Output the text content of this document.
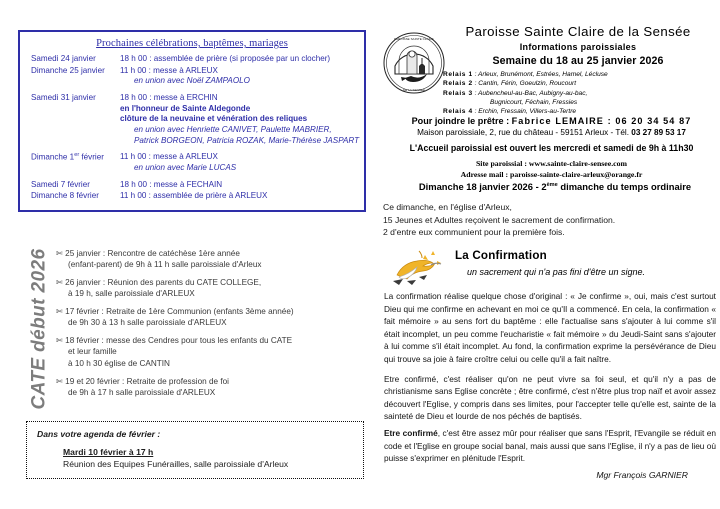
Prochaines célébrations, baptêmes, mariages
Samedi 24 janvier	18 h 00 : assemblée de prière (si proposée par un clocher)
Dimanche 25 janvier	11 h 00 : messe à ARLEUX
en union avec Noël ZAMPAOLO
Samedi 31 janvier	18 h 00 : messe à ERCHIN
en l'honneur de Sainte Aldegonde
clôture de la neuvaine et vénération des reliques
en union avec Henriette CANIVET, Paulette MABRIER,
Patrick BORGEON, Patricia ROZAK, Marie-Thérèse JASPART
Dimanche 1er février	11 h 00 : messe à ARLEUX
en union avec Marie LUCAS
Samedi 7 février	18 h 00 : messe à FECHAIN
Dimanche 8 février	11 h 00 : assemblée de prière à ARLEUX
CATE début 2026 ✄ 25 janvier : Rencontre de catéchèse 1ère année
(enfant-parent) de 9h à 11 h salle paroissiale d'Arleux
✄ 26 janvier : Réunion des parents du CATE COLLEGE,
à 19 h, salle paroissiale d'ARLEUX
✄ 17 février : Retraite de 1ère Communion (enfants 3ème année)
de 9h 30 à 13 h salle paroissiale d'ARLEUX
✄ 18 février : messe des Cendres pour tous les enfants du CATE
et leur famille
à 10 h 30 église de CANTIN
✄ 19 et 20 février : Retraite de profession de foi
de 9h à 17 h salle paroissiale d'ARLEUX
Dans votre agenda de février :
Mardi 10 février à 17 h
Réunion des Equipes Funérailles, salle paroissiale d'Arleux
PAROISSE SAINTE CLAIRE
DE LA SENSEE
Paroisse Sainte Claire de la Sensée
Informations paroissiales
Semaine du 18 au 25 janvier 2026
Relais 1 : Arleux, Brunémont, Estrées, Hamel, Lécluse
Relais 2 : Cantin, Férin, Goeulzin, Roucourt
Relais 3 : Aubencheul-au-Bac, Aubigny-au-bac,
Bugnicourt, Féchain, Fressies
Relais 4 : Erchin, Fressain, Villers-au-Tertre
Pour joindre le prêtre : Fabrice LEMAIRE : 06 20 34 54 87
Maison paroissiale, 2, rue du château - 59151 Arleux - Tél. 03 27 89 53 17
L'Accueil paroissial est ouvert les mercredi et samedi de 9h à 11h30
Site paroissial : www.sainte-claire-sensee.com
Adresse mail : paroisse-sainte-claire-arleux@orange.fr
Dimanche 18 janvier 2026 - 2ème dimanche du temps ordinaire
Ce dimanche, en l'église d'Arleux,
15 Jeunes et Adultes reçoivent le sacrement de confirmation.
2 d'entre eux communient pour la première fois.
La Confirmation
un sacrement qui n'a pas fini d'être un signe.

La confirmation réalise quelque chose d'original : « Je confirme », oui, mais c'est surtout Dieu qui me confirme en achevant en moi ce qu'Il a commencé. En cela, la confirmation « fait mémoire » au sens fort du baptême : elle l'actualise sans s'ajouter à lui comme s'il était incomplet, un peu comme l'eucharistie « fait mémoire » du Jeudi-Saint sans s'ajouter à lui comme s'il était incomplet. Au fond, la confirmation exprime la persévérance de Dieu qui trouve sa joie à faire croître celui ou celle qu'il a fait naître.

Etre confirmé, c'est réaliser qu'on ne peut vivre sa foi seul, et qu'il n'y a pas de christianisme sans Eglise concrète ; être confirmé, c'est n'être plus trop naïf et avoir assez découvert l'Eglise, y compris dans ses limites, pour l'accepter telle qu'elle est, sainte de la sainteté de Dieu et lourde de nos péchés de baptisés.

Etre confirmé, c'est être assez mûr pour réaliser que sans l'Esprit, l'Evangile se réduit en code et l'Eglise en groupe social banal, mais aussi que sans l'Eglise, il n'y a pas de lieu où puisse s'exprimer en plénitude l'Esprit.

Mgr François GARNIER
